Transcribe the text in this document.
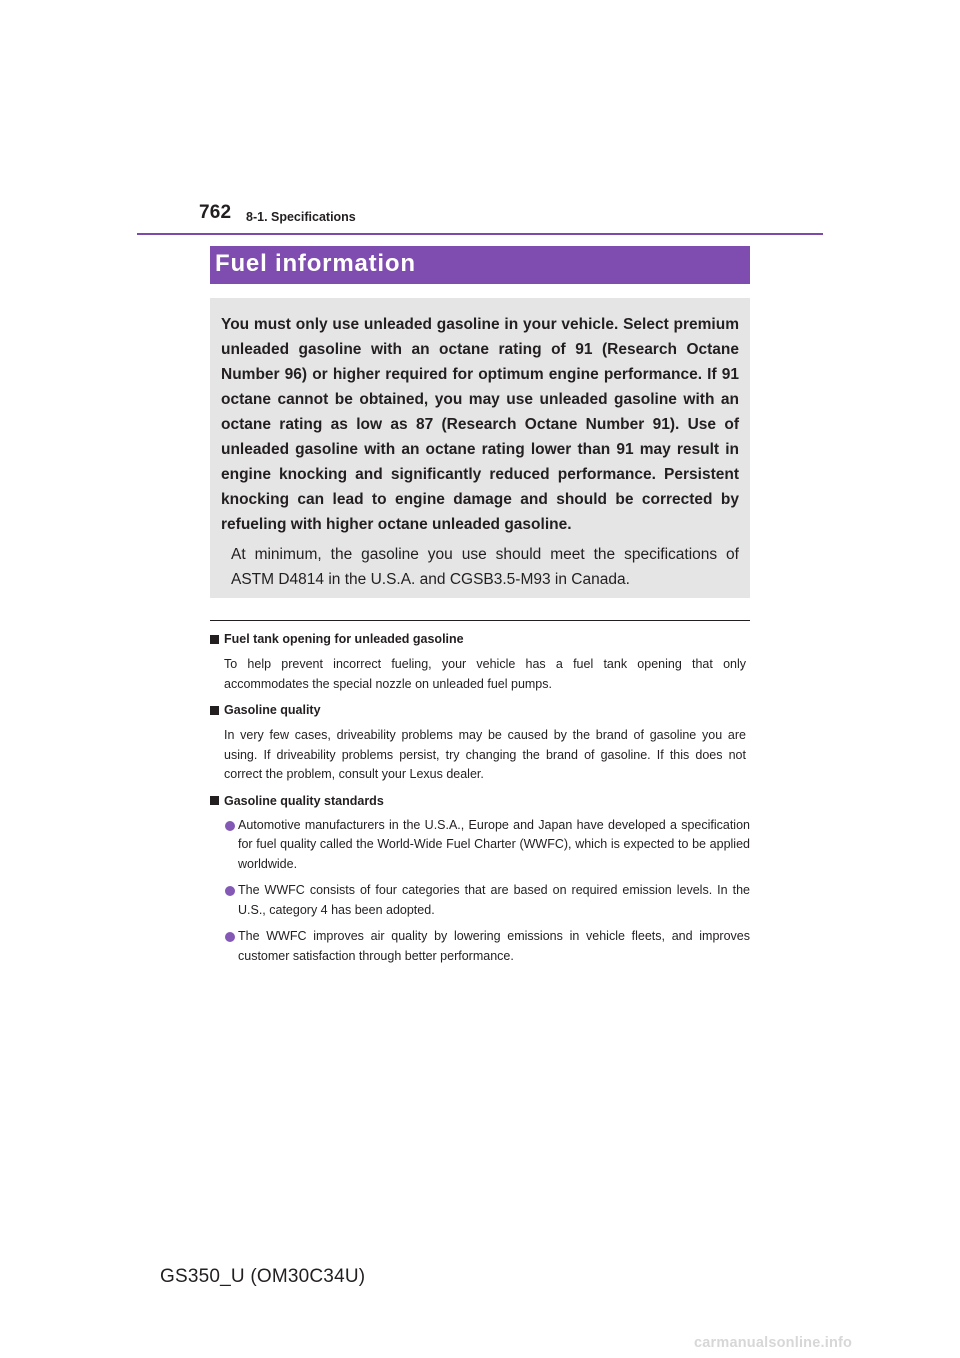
762 8-1. Specifications
Fuel information

You must only use unleaded gasoline in your vehicle. Select premium unleaded gasoline with an octane rating of 91 (Research Octane Number 96) or higher required for optimum engine performance. If 91 octane cannot be obtained, you may use unleaded gasoline with an octane rating as low as 87 (Research Octane Number 91). Use of unleaded gasoline with an octane rating lower than 91 may result in engine knocking and significantly reduced performance. Persistent knocking can lead to engine damage and should be corrected by refueling with higher octane unleaded gasoline.

At minimum, the gasoline you use should meet the specifications of ASTM D4814 in the U.S.A. and CGSB3.5-M93 in Canada.

Fuel tank opening for unleaded gasoline

To help prevent incorrect fueling, your vehicle has a fuel tank opening that only accommodates the special nozzle on unleaded fuel pumps.

Gasoline quality

In very few cases, driveability problems may be caused by the brand of gasoline you are using. If driveability problems persist, try changing the brand of gasoline. If this does not correct the problem, consult your Lexus dealer.

Gasoline quality standards
Automotive manufacturers in the U.S.A., Europe and Japan have developed a specification for fuel quality called the World-Wide Fuel Charter (WWFC), which is expected to be applied worldwide.
The WWFC consists of four categories that are based on required emission levels. In the U.S., category 4 has been adopted.
The WWFC improves air quality by lowering emissions in vehicle fleets, and improves customer satisfaction through better performance.
GS350_U (OM30C34U)
carmanualsonline.info
